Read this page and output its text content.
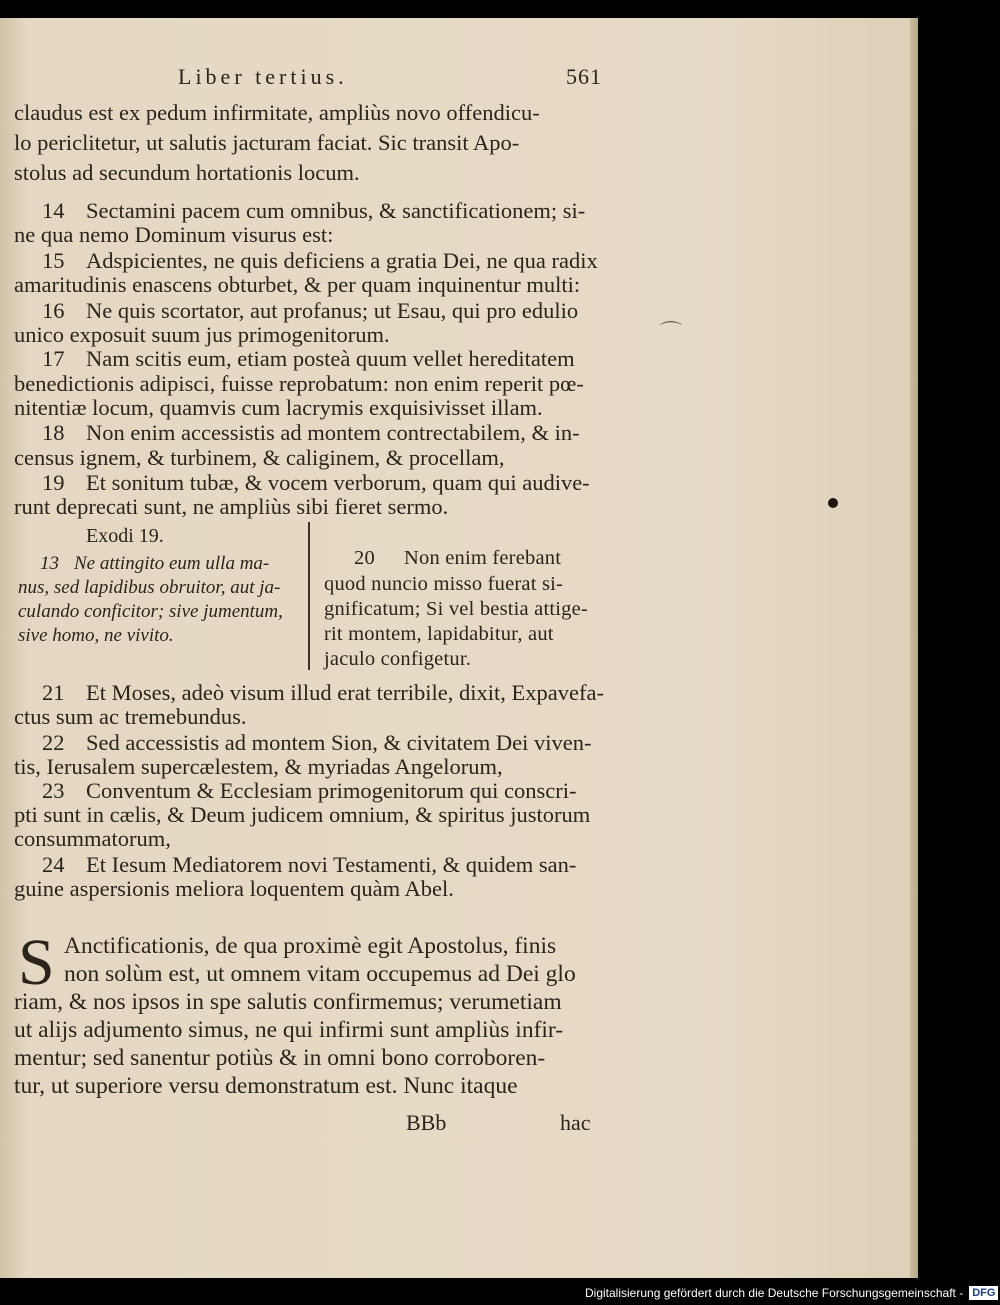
Liber tertius.	561
claudus est ex pedum infirmitate, ampliùs novo offendicu-
lo periclitetur, ut salutis jacturam faciat. Sic transit Apo-
stolus ad secundum hortationis locum.
14 Sectamini pacem cum omnibus, & sanctificationem; si-
ne qua nemo Dominum visurus est:
15 Adspicientes, ne quis deficiens a gratia Dei, ne qua radix
amaritudinis enascens obturbet, & per quam inquinentur multi:
16 Ne quis scortator, aut profanus; ut Esau, qui pro edulio
unico exposuit suum jus primogenitorum.
17 Nam scitis eum, etiam posteà quum vellet hereditatem
benedictionis adipisci, fuisse reprobatum: non enim reperit pœ-
nitentiæ locum, quamvis cum lacrymis exquisivisset illam.
18 Non enim accessistis ad montem contrectabilem, & in-
census ignem, & turbinem, & caliginem, & procellam,
19 Et sonitum tubæ, & vocem verborum, quam qui audive-
runt deprecati sunt, ne ampliùs sibi fieret sermo.
Exodi 19.
13 Ne attingito eum ulla ma-
nus, sed lapidibus obruitor, aut ja-
culando conficitor; sive jumentum,
sive homo, ne vivito.
20 Non enim ferebant
quod nuncio misso fuerat si-
gnificatum; Si vel bestia attige-
rit montem, lapidabitur, aut
jaculo configetur.
21 Et Moses, adeò visum illud erat terribile, dixit, Expavefa-
ctus sum ac tremebundus.
22 Sed accessistis ad montem Sion, & civitatem Dei viven-
tis, Ierusalem supercælestem, & myriadas Angelorum,
23 Conventum & Ecclesiam primogenitorum qui conscri-
pti sunt in cælis, & Deum judicem omnium, & spiritus justorum
consummatorum,
24 Et Iesum Mediatorem novi Testamenti, & quidem san-
guine aspersionis meliora loquentem quàm Abel.
S Anctificationis, de qua proximè egit Apostolus, finis
non solùm est, ut omnem vitam occupemus ad Dei glo
riam, & nos ipsos in spe salutis confirmemus; verumetiam
ut alijs adjumento simus, ne qui infirmi sunt ampliùs infir-
mentur; sed sanentur potiùs & in omni bono corroboren-
tur, ut superiore versu demonstratum est. Nunc itaque
BBb	hac
⌒
Digitalisierung gefördert durch die Deutsche Forschungsgemeinschaft - DFG
